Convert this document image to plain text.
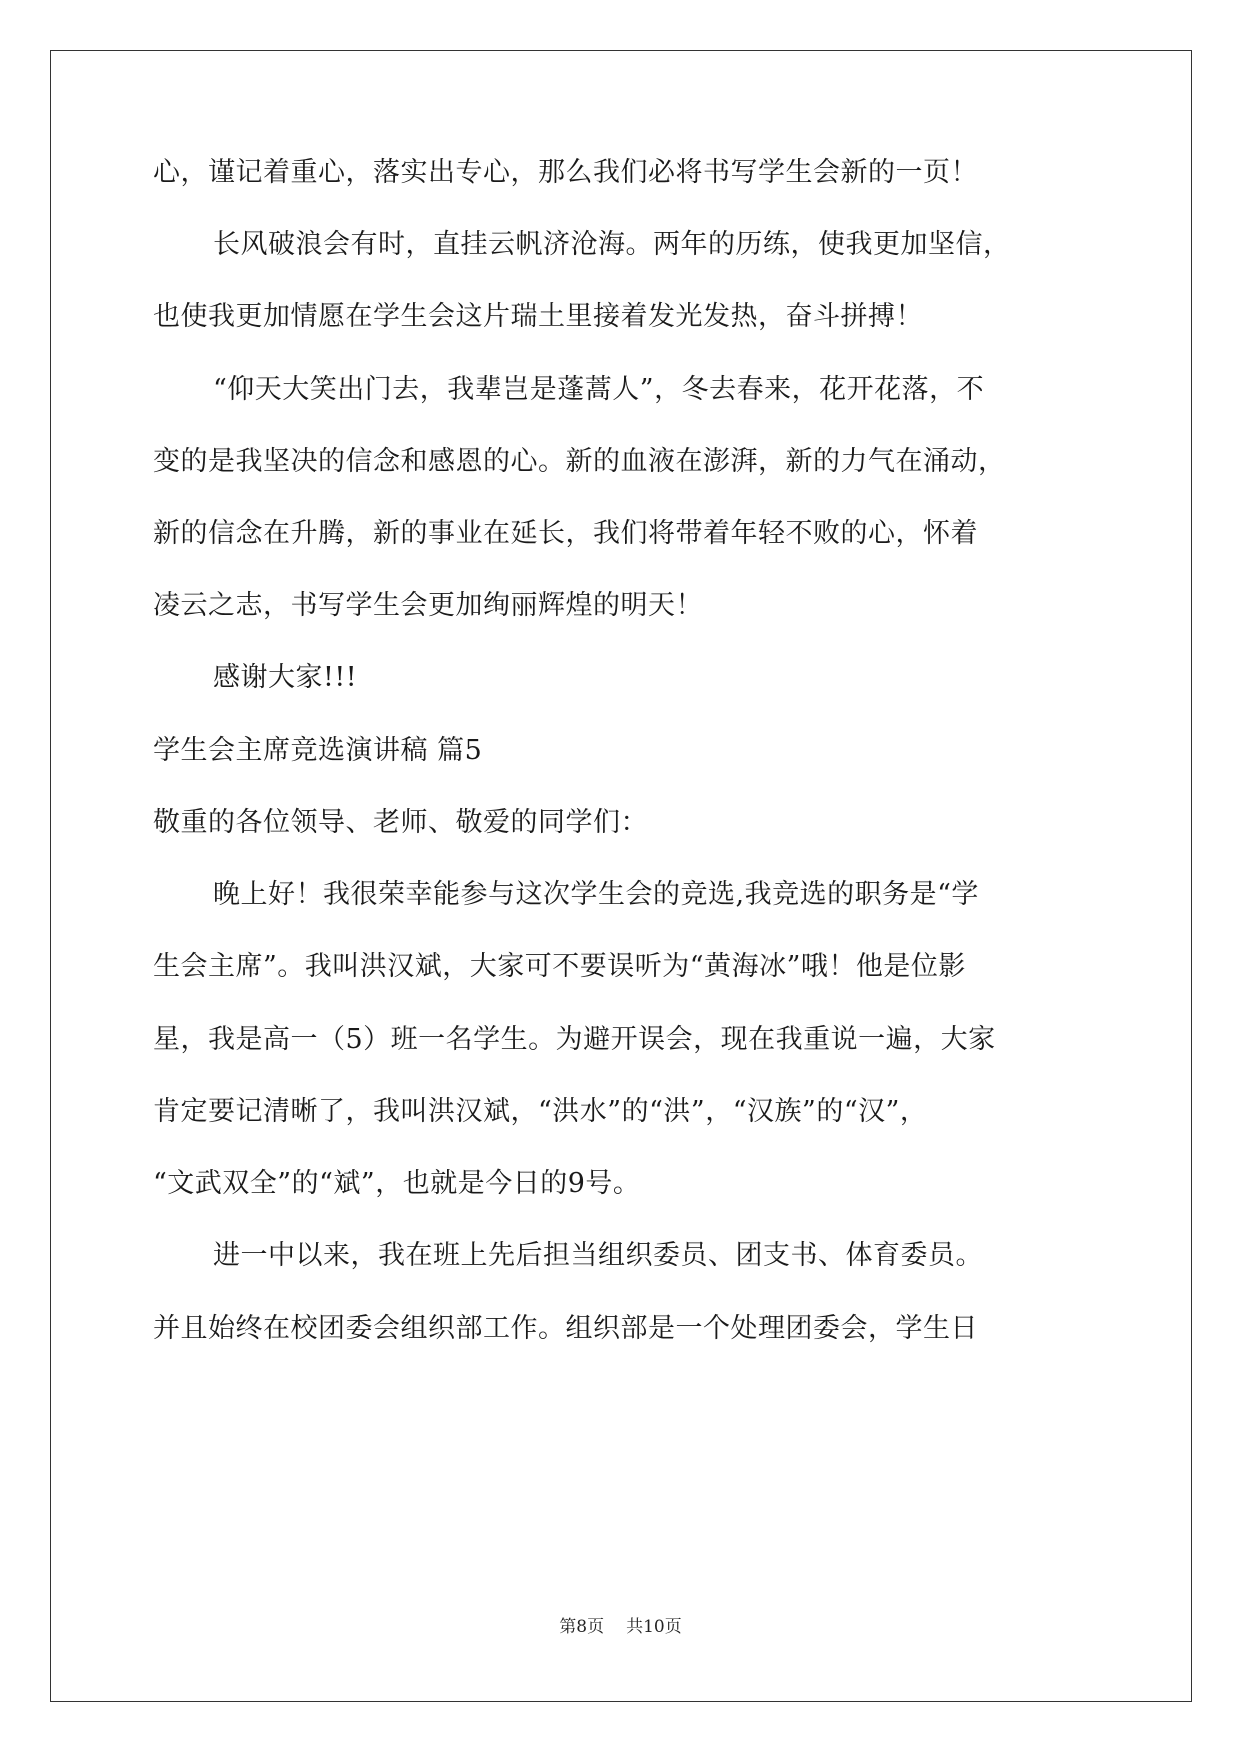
心，谨记着重心，落实出专心，那么我们必将书写学生会新的一页！
长风破浪会有时，直挂云帆济沧海。两年的历练，使我更加坚信，
也使我更加情愿在学生会这片瑞土里接着发光发热，奋斗拼搏！
“仰天大笑出门去，我辈岂是蓬蒿人”，冬去春来，花开花落，不
变的是我坚决的信念和感恩的心。新的血液在澎湃，新的力气在涌动，
新的信念在升腾，新的事业在延长，我们将带着年轻不败的心，怀着
凌云之志，书写学生会更加绚丽辉煌的明天！
感谢大家!!!
学生会主席竞选演讲稿 篇5
敬重的各位领导、老师、敬爱的同学们：
晚上好！我很荣幸能参与这次学生会的竞选,我竞选的职务是“学
生会主席”。我叫洪汉斌，大家可不要误听为“黄海冰”哦！他是位影
星，我是高一（5）班一名学生。为避开误会，现在我重说一遍，大家
肯定要记清晰了，我叫洪汉斌，“洪水”的“洪”，“汉族”的“汉”，
“文武双全”的“斌”，也就是今日的9号。
进一中以来，我在班上先后担当组织委员、团支书、体育委员。
并且始终在校团委会组织部工作。组织部是一个处理团委会，学生日
第8页 共10页
